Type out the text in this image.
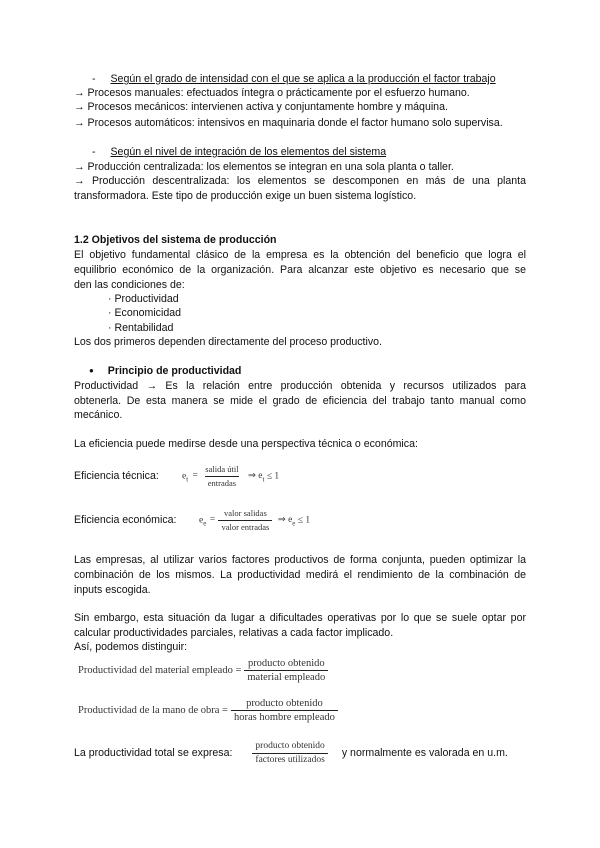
- Según el grado de intensidad con el que se aplica a la producción el factor trabajo
→ Procesos manuales: efectuados íntegra o prácticamente por el esfuerzo humano.
→ Procesos mecánicos: intervienen activa y conjuntamente hombre y máquina.
→ Procesos automáticos: intensivos en maquinaria donde el factor humano solo supervisa.
- Según el nivel de integración de los elementos del sistema
→ Producción centralizada: los elementos se integran en una sola planta o taller.
→ Producción descentralizada: los elementos se descomponen en más de una planta
transformadora. Este tipo de producción exige un buen sistema logístico.
1.2 Objetivos del sistema de producción
El objetivo fundamental clásico de la empresa es la obtención del beneficio que logra el
equilibrio económico de la organización. Para alcanzar este objetivo es necesario que se
den las condiciones de:
· Productividad
· Economicidad
· Rentabilidad
Los dos primeros dependen directamente del proceso productivo.
● Principio de productividad
Productividad → Es la relación entre producción obtenida y recursos utilizados para
obtenerla. De esta manera se mide el grado de eficiencia del trabajo tanto manual como
mecánico.
La eficiencia puede medirse desde una perspectiva técnica o económica:
Eficiencia técnica:	$e_t = \frac{\text{salida útil}}{\text{entradas}}$ ⇒ $e_t \le 1$
Eficiencia económica:	$e_e = \frac{\text{valor salidas}}{\text{valor entradas}}$ ⇒ $e_e \le 1$
Las empresas, al utilizar varios factores productivos de forma conjunta, pueden optimizar la
combinación de los mismos. La productividad medirá el rendimiento de la combinación de
inputs escogida.
Sin embargo, esta situación da lugar a dificultades operativas por lo que se suele optar por
calcular productividades parciales, relativas a cada factor implicado.
Así, podemos distinguir:
Productividad del material empleado = $\frac{\text{producto obtenido}}{\text{material empleado}}$
Productividad de la mano de obra = $\frac{\text{producto obtenido}}{\text{horas hombre empleado}}$
La productividad total se expresa: $\frac{\text{producto obtenido}}{\text{factores utilizados}}$ y normalmente es valorada en u.m.
